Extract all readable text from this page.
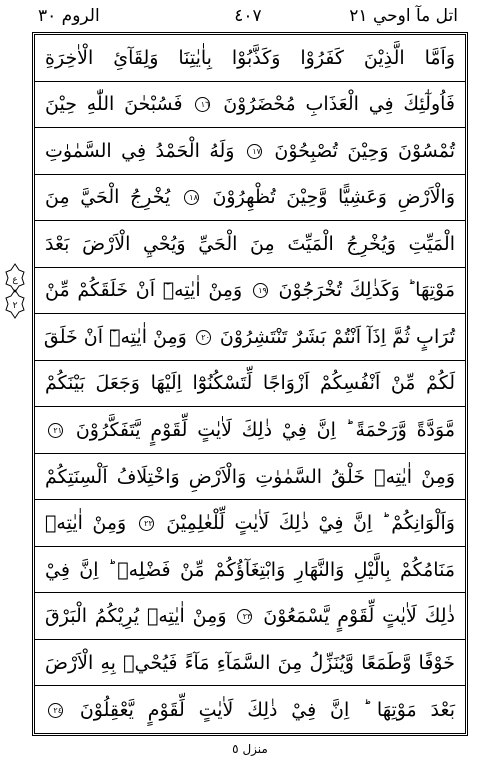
اتل مآ اوحي ٢١
٤٠٧
الروم ٣٠
وَاَمَّا الَّذِيْنَ كَفَرُوْا وَكَذَّبُوْا بِاٰيٰتِنَا وَلِقَآئِ الْاٰخِرَةِ
فَاُولٰٓئِكَ فِي الْعَذَابِ مُحْضَرُوْنَ ١٦ فَسُبْحٰنَ اللّٰهِ حِيْنَ
تُمْسُوْنَ وَحِيْنَ تُصْبِحُوْنَ ١٧ وَلَهُ الْحَمْدُ فِي السَّمٰوٰتِ
وَالْاَرْضِ وَعَشِيًّا وَّحِيْنَ تُظْهِرُوْنَ ١٨ يُخْرِجُ الْحَيَّ مِنَ
الْمَيِّتِ وَيُخْرِجُ الْمَيِّتَ مِنَ الْحَيِّ وَيُحْيِ الْاَرْضَ بَعْدَ
مَوْتِهَا ؕ وَكَذٰلِكَ تُخْرَجُوْنَ ١٩ وَمِنْ اٰيٰتِهٖٓ اَنْ خَلَقَكُمْ مِّنْ
تُرَابٍ ثُمَّ اِذَآ اَنْتُمْ بَشَرٌ تَنْتَشِرُوْنَ ٢٠ وَمِنْ اٰيٰتِهٖٓ اَنْ خَلَقَ
لَكُمْ مِّنْ اَنْفُسِكُمْ اَزْوَاجًا لِّتَسْكُنُوْٓا اِلَيْهَا وَجَعَلَ بَيْنَكُمْ
مَّوَدَّةً وَّرَحْمَةً ؕ اِنَّ فِيْ ذٰلِكَ لَاٰيٰتٍ لِّقَوْمٍ يَّتَفَكَّرُوْنَ ٢١
وَمِنْ اٰيٰتِهٖ خَلْقُ السَّمٰوٰتِ وَالْاَرْضِ وَاخْتِلَافُ اَلْسِنَتِكُمْ
وَاَلْوَانِكُمْ ؕ اِنَّ فِيْ ذٰلِكَ لَاٰيٰتٍ لِّلْعٰلِمِيْنَ ٢٢ وَمِنْ اٰيٰتِهٖ
مَنَامُكُمْ بِالَّيْلِ وَالنَّهَارِ وَابْتِغَآؤُكُمْ مِّنْ فَضْلِهٖ ؕ اِنَّ فِيْ
ذٰلِكَ لَاٰيٰتٍ لِّقَوْمٍ يَّسْمَعُوْنَ ٢٣ وَمِنْ اٰيٰتِهٖ يُرِيْكُمُ الْبَرْقَ
خَوْفًا وَّطَمَعًا وَّيُنَزِّلُ مِنَ السَّمَآءِ مَآءً فَيُحْيٖ بِهِ الْاَرْضَ
بَعْدَ مَوْتِهَا ؕ اِنَّ فِيْ ذٰلِكَ لَاٰيٰتٍ لِّقَوْمٍ يَّعْقِلُوْنَ ٢٤
ع
٢
منزل ٥
